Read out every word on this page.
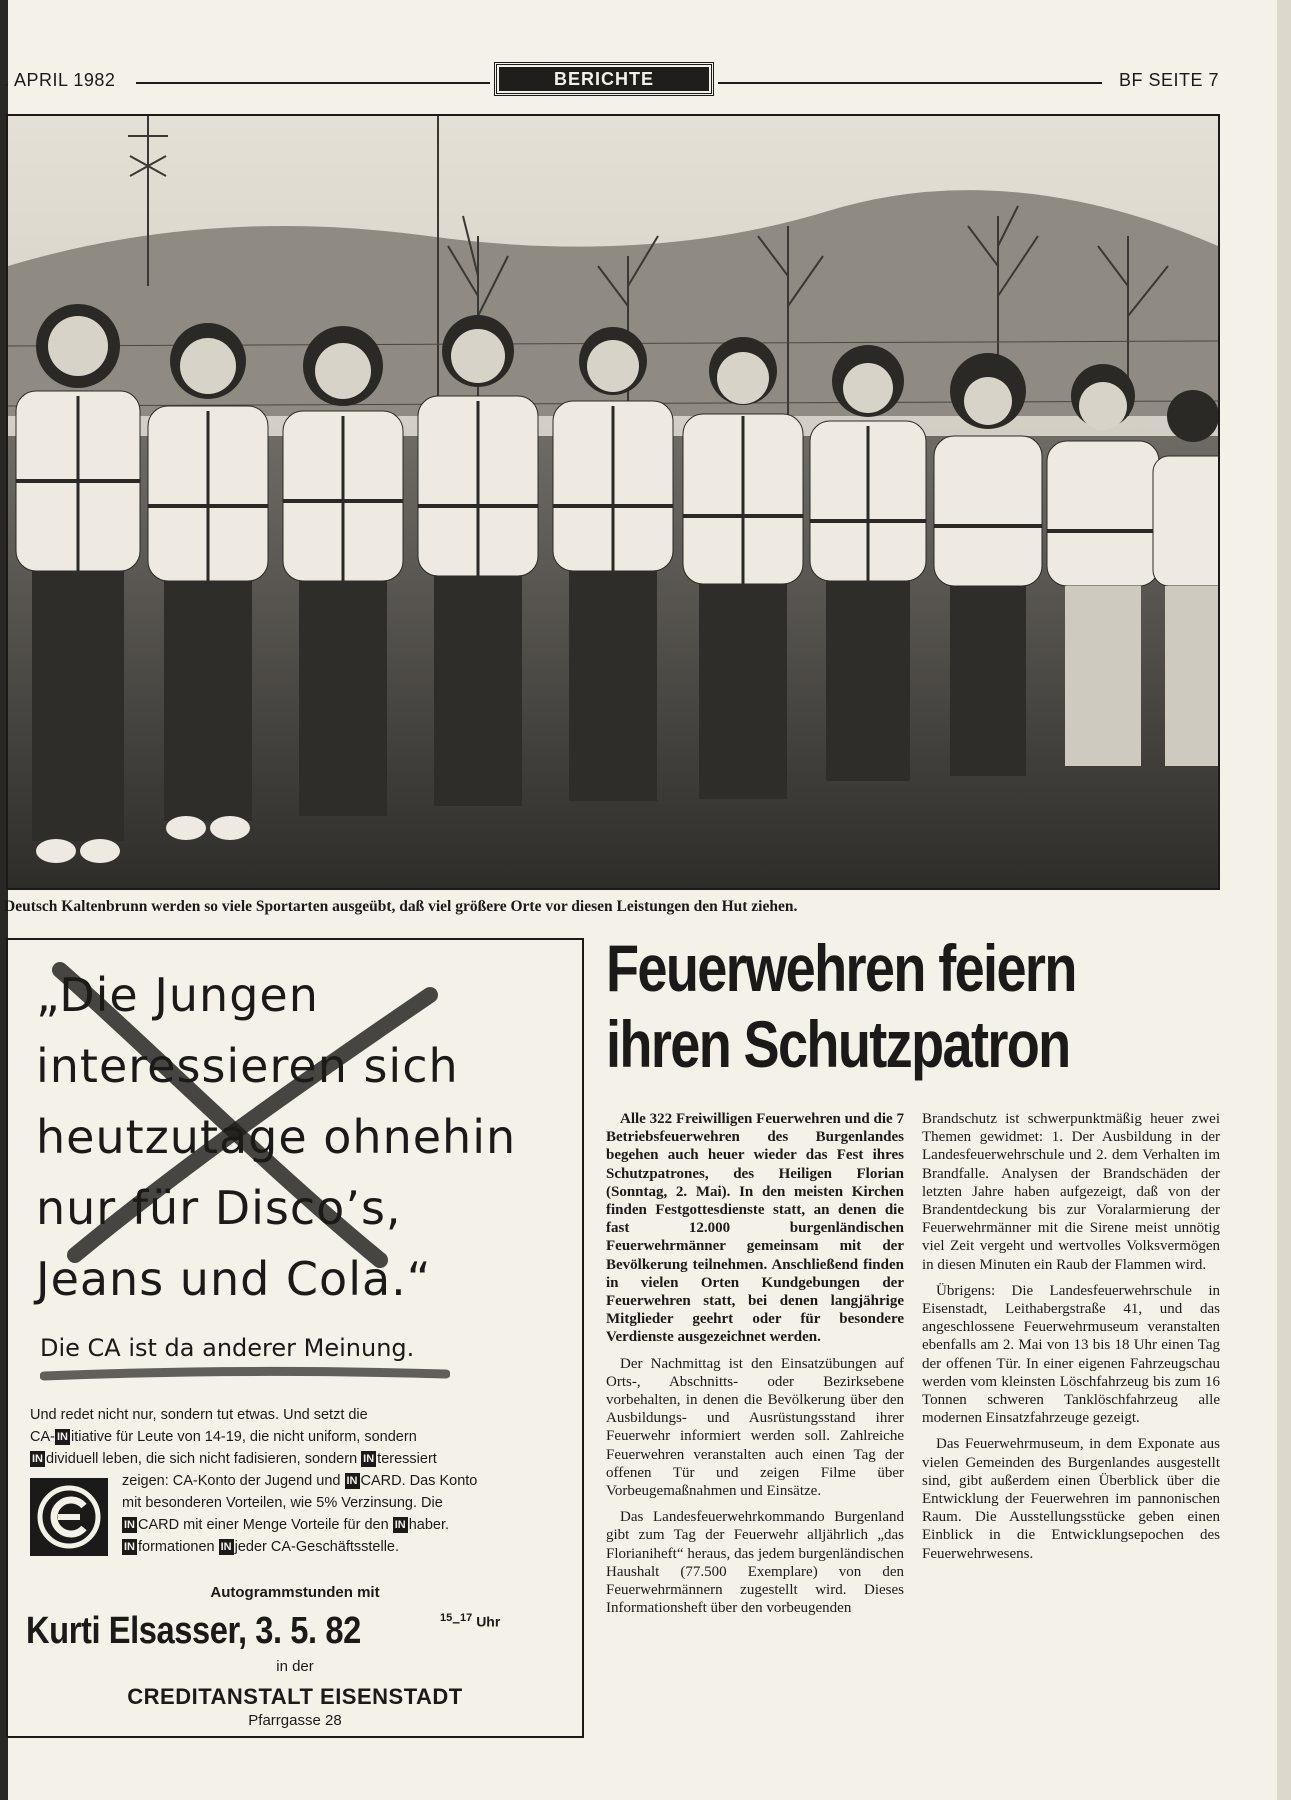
. APRIL 1982	BERICHTE	BF SEITE 7
Deutsch Kaltenbrunn werden so viele Sportarten ausgeübt, daß viel größere Orte vor diesen Leistungen den Hut ziehen.
„Die Jungen
interessieren sich
heutzutage ohnehin
nur für Disco’s,
Jeans und Cola.“
Die CA ist da anderer Meinung.
Und redet nicht nur, sondern tut etwas. Und setzt die
CA- IN itiative für Leute von 14-19, die nicht uniform, sondern
IN dividuell leben, die sich nicht fadisieren, sondern IN teressiert
zeigen: CA-Konto der Jugend und IN CARD. Das Konto
mit besonderen Vorteilen, wie 5% Verzinsung. Die
IN CARD mit einer Menge Vorteile für den IN haber.
IN formationen IN jeder CA-Geschäftsstelle.
Autogrammstunden mit
Kurti Elsasser, 3. 5. 82	$^{15}$–$^{17}$ Uhr
in der
CREDITANSTALT EISENSTADT
Pfarrgasse 28
Feuerwehren feiern
ihren Schutzpatron

Alle 322 Freiwilligen Feuerwehren und die 7 Betriebsfeuerwehren des Burgenlandes begehen auch heuer wieder das Fest ihres Schutzpatrones, des Heiligen Florian (Sonntag, 2. Mai). In den meisten Kirchen finden Festgottesdienste statt, an denen die fast 12.000 burgenländischen Feuerwehrmänner gemeinsam mit der Bevölkerung teilnehmen. Anschließend finden in vielen Orten Kundgebungen der Feuerwehren statt, bei denen langjährige Mitglieder geehrt oder für besondere Verdienste ausgezeichnet werden.

Der Nachmittag ist den Einsatzübungen auf Orts-, Abschnitts- oder Bezirksebene vorbehalten, in denen die Bevölkerung über den Ausbildungs- und Ausrüstungsstand ihrer Feuerwehr informiert werden soll. Zahlreiche Feuerwehren veranstalten auch einen Tag der offenen Tür und zeigen Filme über Vorbeugemaßnahmen und Einsätze.

Das Landesfeuerwehrkommando Burgenland gibt zum Tag der Feuerwehr alljährlich „das Florianiheft“ heraus, das jedem burgenländischen Haushalt (77.500 Exemplare) von den Feuerwehrmännern zugestellt wird. Dieses Informationsheft über den vorbeugenden

Brandschutz ist schwerpunktmäßig heuer zwei Themen gewidmet: 1. Der Ausbildung in der Landesfeuerwehrschule und 2. dem Verhalten im Brandfalle. Analysen der Brandschäden der letzten Jahre haben aufgezeigt, daß von der Brandentdeckung bis zur Voralarmierung der Feuerwehrmänner mit die Sirene meist unnötig viel Zeit vergeht und wertvolles Volksvermögen in diesen Minuten ein Raub der Flammen wird.

Übrigens: Die Landesfeuerwehrschule in Eisenstadt, Leithabergstraße 41, und das angeschlossene Feuerwehrmuseum veranstalten ebenfalls am 2. Mai von 13 bis 18 Uhr einen Tag der offenen Tür. In einer eigenen Fahrzeugschau werden vom kleinsten Löschfahrzeug bis zum 16 Tonnen schweren Tanklöschfahrzeug alle modernen Einsatzfahrzeuge gezeigt.

Das Feuerwehrmuseum, in dem Exponate aus vielen Gemeinden des Burgenlandes ausgestellt sind, gibt außerdem einen Überblick über die Entwicklung der Feuerwehren im pannonischen Raum. Die Ausstellungsstücke geben einen Einblick in die Entwicklungsepochen des Feuerwehrwesens.
